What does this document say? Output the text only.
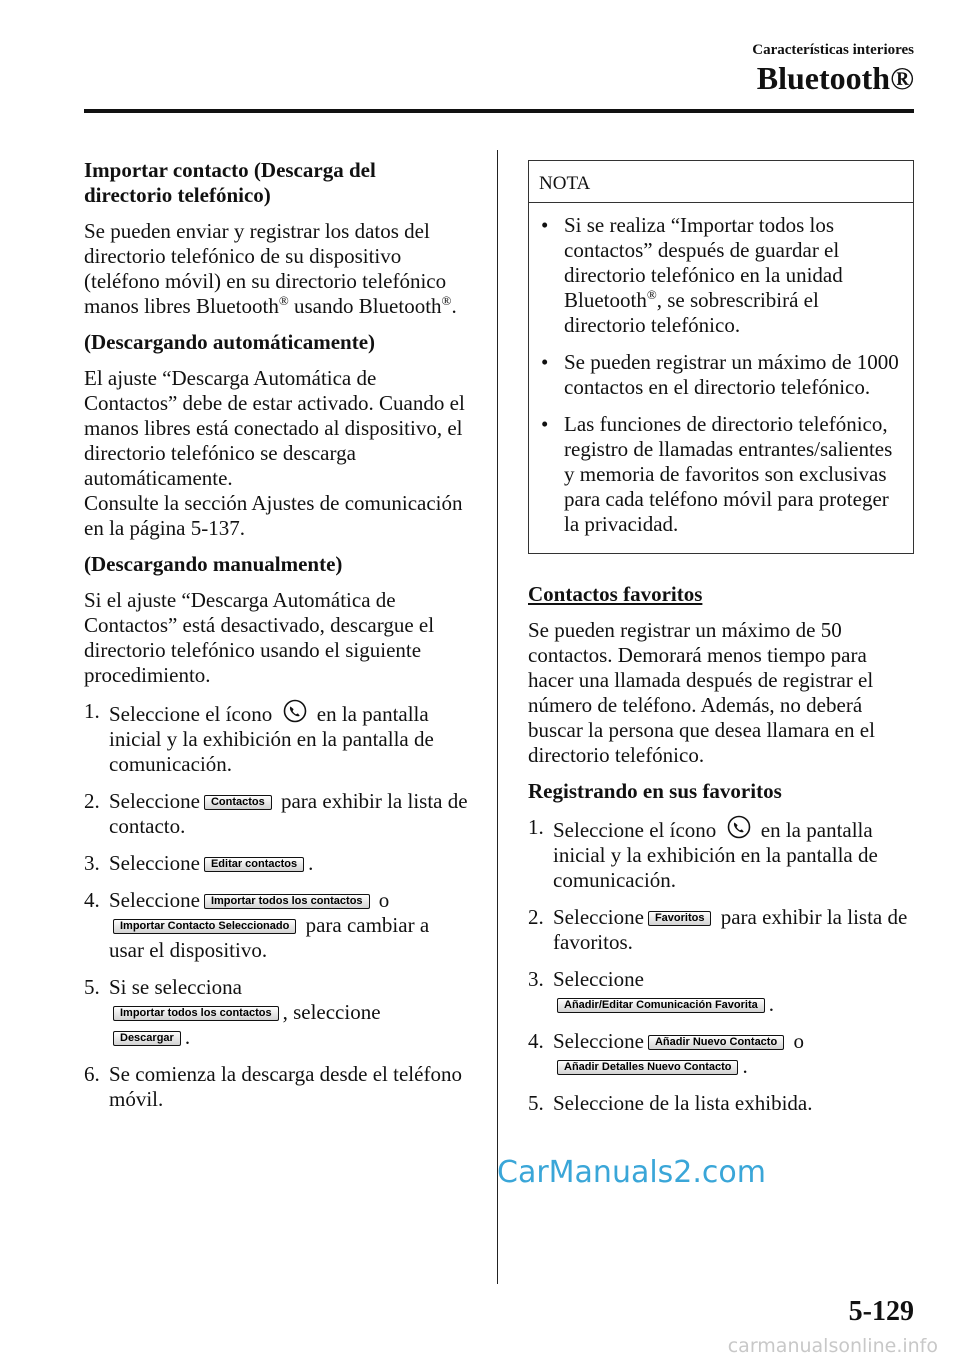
Características interiores
Bluetooth®

Importar contacto (Descarga del directorio telefónico)

Se pueden enviar y registrar los datos del directorio telefónico de su dispositivo (teléfono móvil) en su directorio telefónico manos libres Bluetooth® usando Bluetooth®.

(Descargando automáticamente)

El ajuste “Descarga Automática de Contactos” debe de estar activado. Cuando el manos libres está conectado al dispositivo, el directorio telefónico se descarga automáticamente.
Consulte la sección Ajustes de comunicación en la página 5-137.

(Descargando manualmente)

Si el ajuste “Descarga Automática de Contactos” está desactivado, descargue el directorio telefónico usando el siguiente procedimiento.

1. Seleccione el ícono en la pantalla inicial y la exhibición en la pantalla de comunicación.
2. Seleccione Contactos para exhibir la lista de contacto.
3. Seleccione Editar contactos .
4. Seleccione Importar todos los contactos o Importar Contacto Seleccionado para cambiar a usar el dispositivo.
5. Si se selecciona
Importar todos los contactos , seleccione
Descargar .
6. Se comienza la descarga desde el teléfono móvil.
NOTA
• Si se realiza “Importar todos los contactos” después de guardar el directorio telefónico en la unidad Bluetooth®, se sobrescribirá el directorio telefónico.
• Se pueden registrar un máximo de 1000 contactos en el directorio telefónico.
• Las funciones de directorio telefónico, registro de llamadas entrantes/salientes y memoria de favoritos son exclusivas para cada teléfono móvil para proteger la privacidad.

Contactos favoritos

Se pueden registrar un máximo de 50 contactos. Demorará menos tiempo para hacer una llamada después de registrar el número de teléfono. Además, no deberá buscar la persona que desea llamara en el directorio telefónico.

Registrando en sus favoritos

1. Seleccione el ícono en la pantalla inicial y la exhibición en la pantalla de comunicación.
2. Seleccione Favoritos para exhibir la lista de favoritos.
3. Seleccione
Añadir/Editar Comunicación Favorita .
4. Seleccione Añadir Nuevo Contacto o
Añadir Detalles Nuevo Contacto .
5. Seleccione de la lista exhibida.
CarManuals2.com
5-129
carmanualsonline.info
